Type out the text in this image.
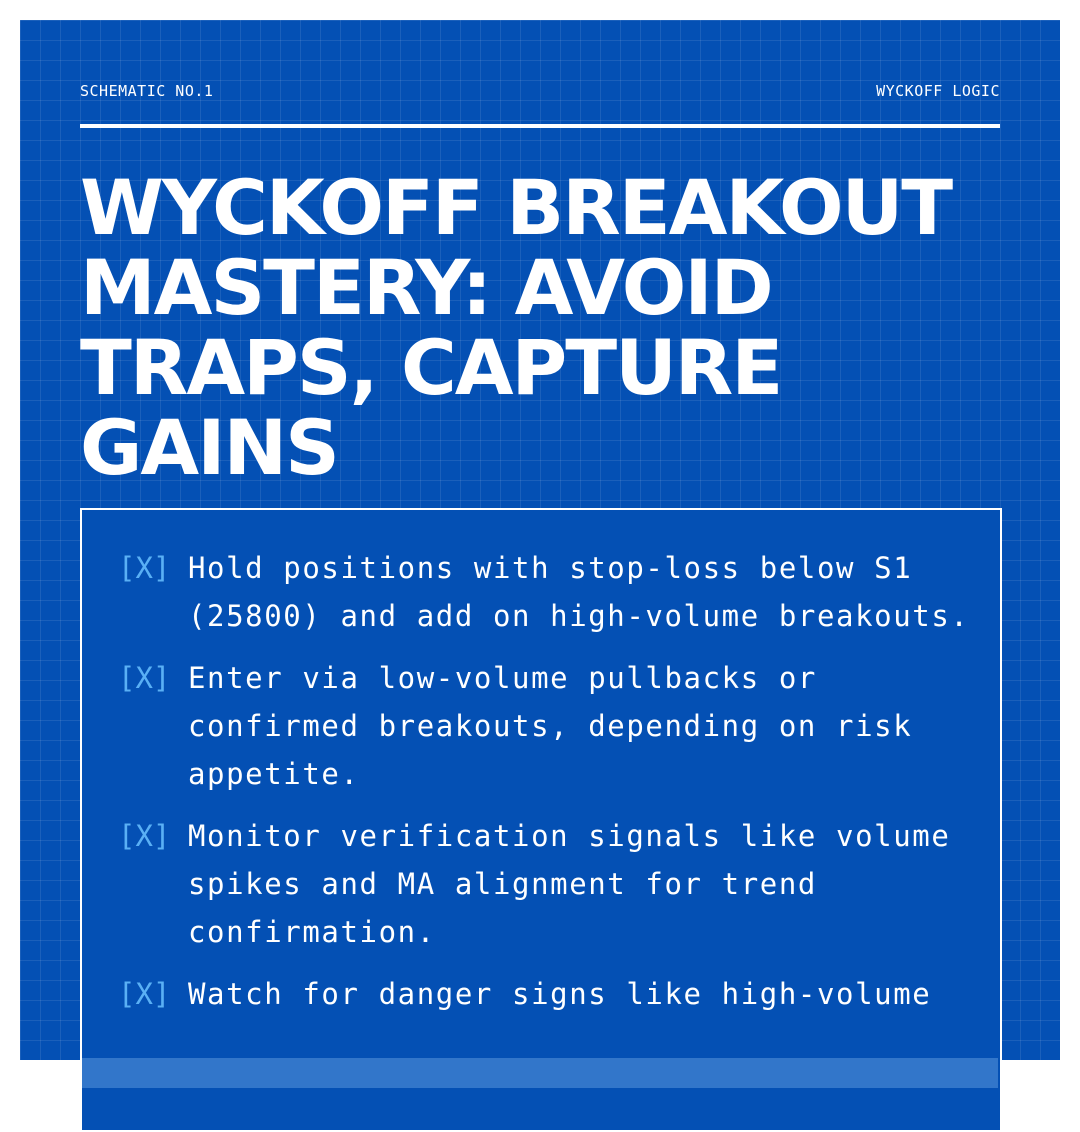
SCHEMATIC NO.1	WYCKOFF LOGIC
WYCKOFF BREAKOUT MASTERY: AVOID TRAPS, CAPTURE GAINS
[X] Hold positions with stop-loss below S1 (25800) and add on high-volume breakouts.
[X] Enter via low-volume pullbacks or confirmed breakouts, depending on risk appetite.
[X] Monitor verification signals like volume spikes and MA alignment for trend confirmation.
[X] Watch for danger signs like high-volume
